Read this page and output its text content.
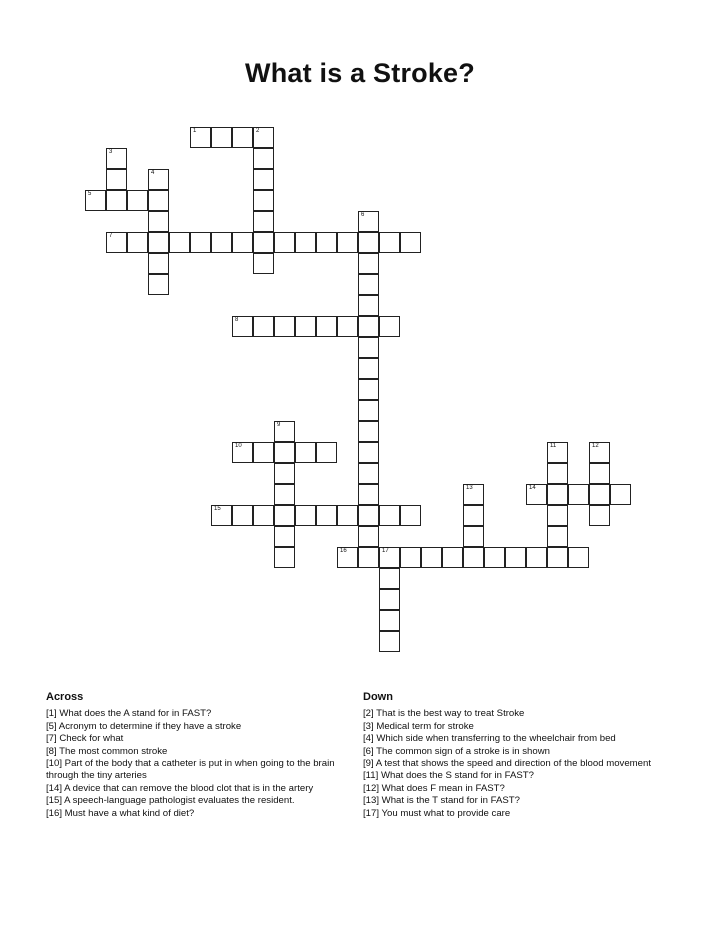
What is a Stroke?
1	2
3
4
5
6
7
8
9
10	11	12
13	14
15
16	17
Across

[1] What does the A stand for in FAST?

[5] Acronym to determine if they have a stroke

[7] Check for what

[8] The most common stroke

[10] Part of the body that a catheter is put in when going to the brain through the tiny arteries

[14] A device that can remove the blood clot that is in the artery

[15] A speech-language pathologist evaluates the resident.

[16] Must have a what kind of diet?

Down

[2] That is the best way to treat Stroke

[3] Medical term for stroke

[4] Which side when transferring to the wheelchair from bed

[6] The common sign of a stroke is in shown

[9] A test that shows the speed and direction of the blood movement

[11] What does the S stand for in FAST?

[12] What does F mean in FAST?

[13] What is the T stand for in FAST?

[17] You must what to provide care
